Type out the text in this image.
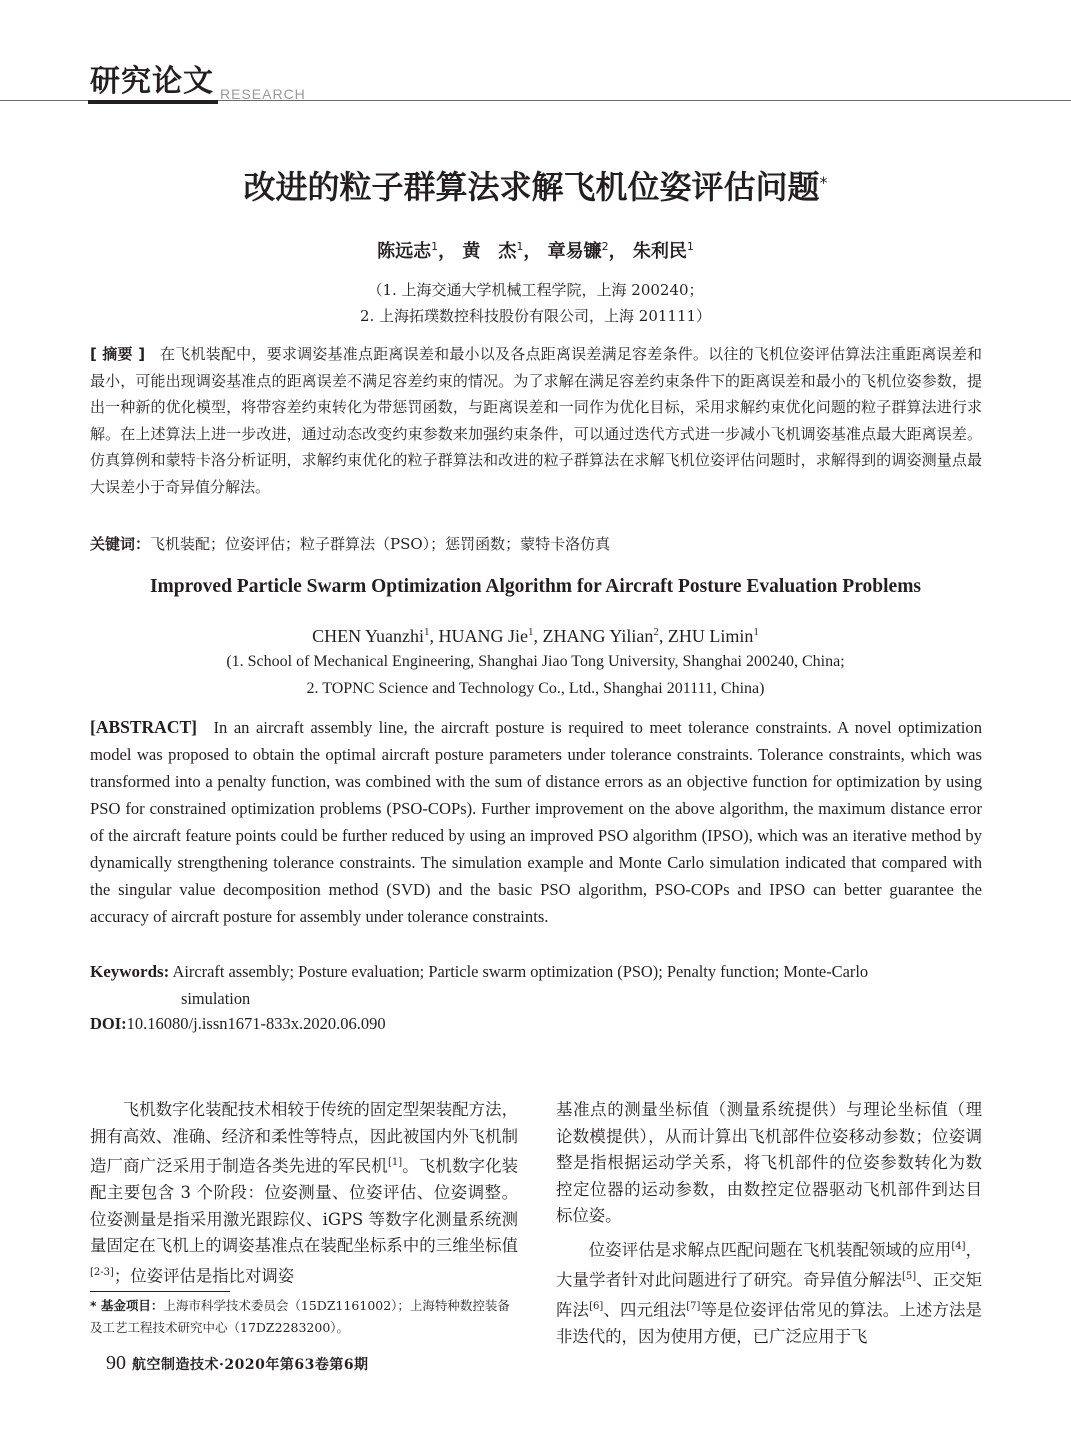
研究论文 RESEARCH
改进的粒子群算法求解飞机位姿评估问题*
陈远志$^1$， 黄　杰$^1$， 章易镰$^2$， 朱利民$^1$
（1. 上海交通大学机械工程学院，上海 200240；
2. 上海拓璞数控科技股份有限公司，上海 201111）
[ 摘要 ] 在飞机装配中，要求调姿基准点距离误差和最小以及各点距离误差满足容差条件。以往的飞机位姿评估算法注重距离误差和最小，可能出现调姿基准点的距离误差不满足容差约束的情况。为了求解在满足容差约束条件下的距离误差和最小的飞机位姿参数，提出一种新的优化模型，将带容差约束转化为带惩罚函数，与距离误差和一同作为优化目标，采用求解约束优化问题的粒子群算法进行求解。在上述算法上进一步改进，通过动态改变约束参数来加强约束条件，可以通过迭代方式进一步减小飞机调姿基准点最大距离误差。仿真算例和蒙特卡洛分析证明，求解约束优化的粒子群算法和改进的粒子群算法在求解飞机位姿评估问题时，求解得到的调姿测量点最大误差小于奇异值分解法。
关键词：飞机装配；位姿评估；粒子群算法（PSO）；惩罚函数；蒙特卡洛仿真
Improved Particle Swarm Optimization Algorithm for Aircraft Posture Evaluation Problems
CHEN Yuanzhi$^1$, HUANG Jie$^1$, ZHANG Yilian$^2$, ZHU Limin$^1$
(1. School of Mechanical Engineering, Shanghai Jiao Tong University, Shanghai 200240, China;
2. TOPNC Science and Technology Co., Ltd., Shanghai 201111, China)
[ABSTRACT] In an aircraft assembly line, the aircraft posture is required to meet tolerance constraints. A novel optimization model was proposed to obtain the optimal aircraft posture parameters under tolerance constraints. Tolerance constraints, which was transformed into a penalty function, was combined with the sum of distance errors as an objective function for optimization by using PSO for constrained optimization problems (PSO-COPs). Further improvement on the above algorithm, the maximum distance error of the aircraft feature points could be further reduced by using an improved PSO algorithm (IPSO), which was an iterative method by dynamically strengthening tolerance constraints. The simulation example and Monte Carlo simulation indicated that compared with the singular value decomposition method (SVD) and the basic PSO algorithm, PSO-COPs and IPSO can better guarantee the accuracy of aircraft posture for assembly under tolerance constraints.
Keywords: Aircraft assembly; Posture evaluation; Particle swarm optimization (PSO); Penalty function; Monte-Carlo
simulation
DOI:10.16080/j.issn1671-833x.2020.06.090

飞机数字化装配技术相较于传统的固定型架装配方法，拥有高效、准确、经济和柔性等特点，因此被国内外飞机制造厂商广泛采用于制造各类先进的军民机[1]。飞机数字化装配主要包含 3 个阶段：位姿测量、位姿评估、位姿调整。位姿测量是指采用激光跟踪仪、iGPS 等数字化测量系统测量固定在飞机上的调姿基准点在装配坐标系中的三维坐标值[2-3]；位姿评估是指比对调姿

* 基金项目：上海市科学技术委员会（15DZ1161002）；上海特种数控装备及工艺工程技术研究中心（17DZ2283200）。

基准点的测量坐标值（测量系统提供）与理论坐标值（理论数模提供），从而计算出飞机部件位姿移动参数；位姿调整是指根据运动学关系，将飞机部件的位姿参数转化为数控定位器的运动参数，由数控定位器驱动飞机部件到达目标位姿。

位姿评估是求解点匹配问题在飞机装配领域的应用[4]，大量学者针对此问题进行了研究。奇异值分解法[5]、正交矩阵法[6]、四元组法[7]等是位姿评估常见的算法。上述方法是非迭代的，因为使用方便，已广泛应用于飞

90 航空制造技术·2020年第63卷第6期
